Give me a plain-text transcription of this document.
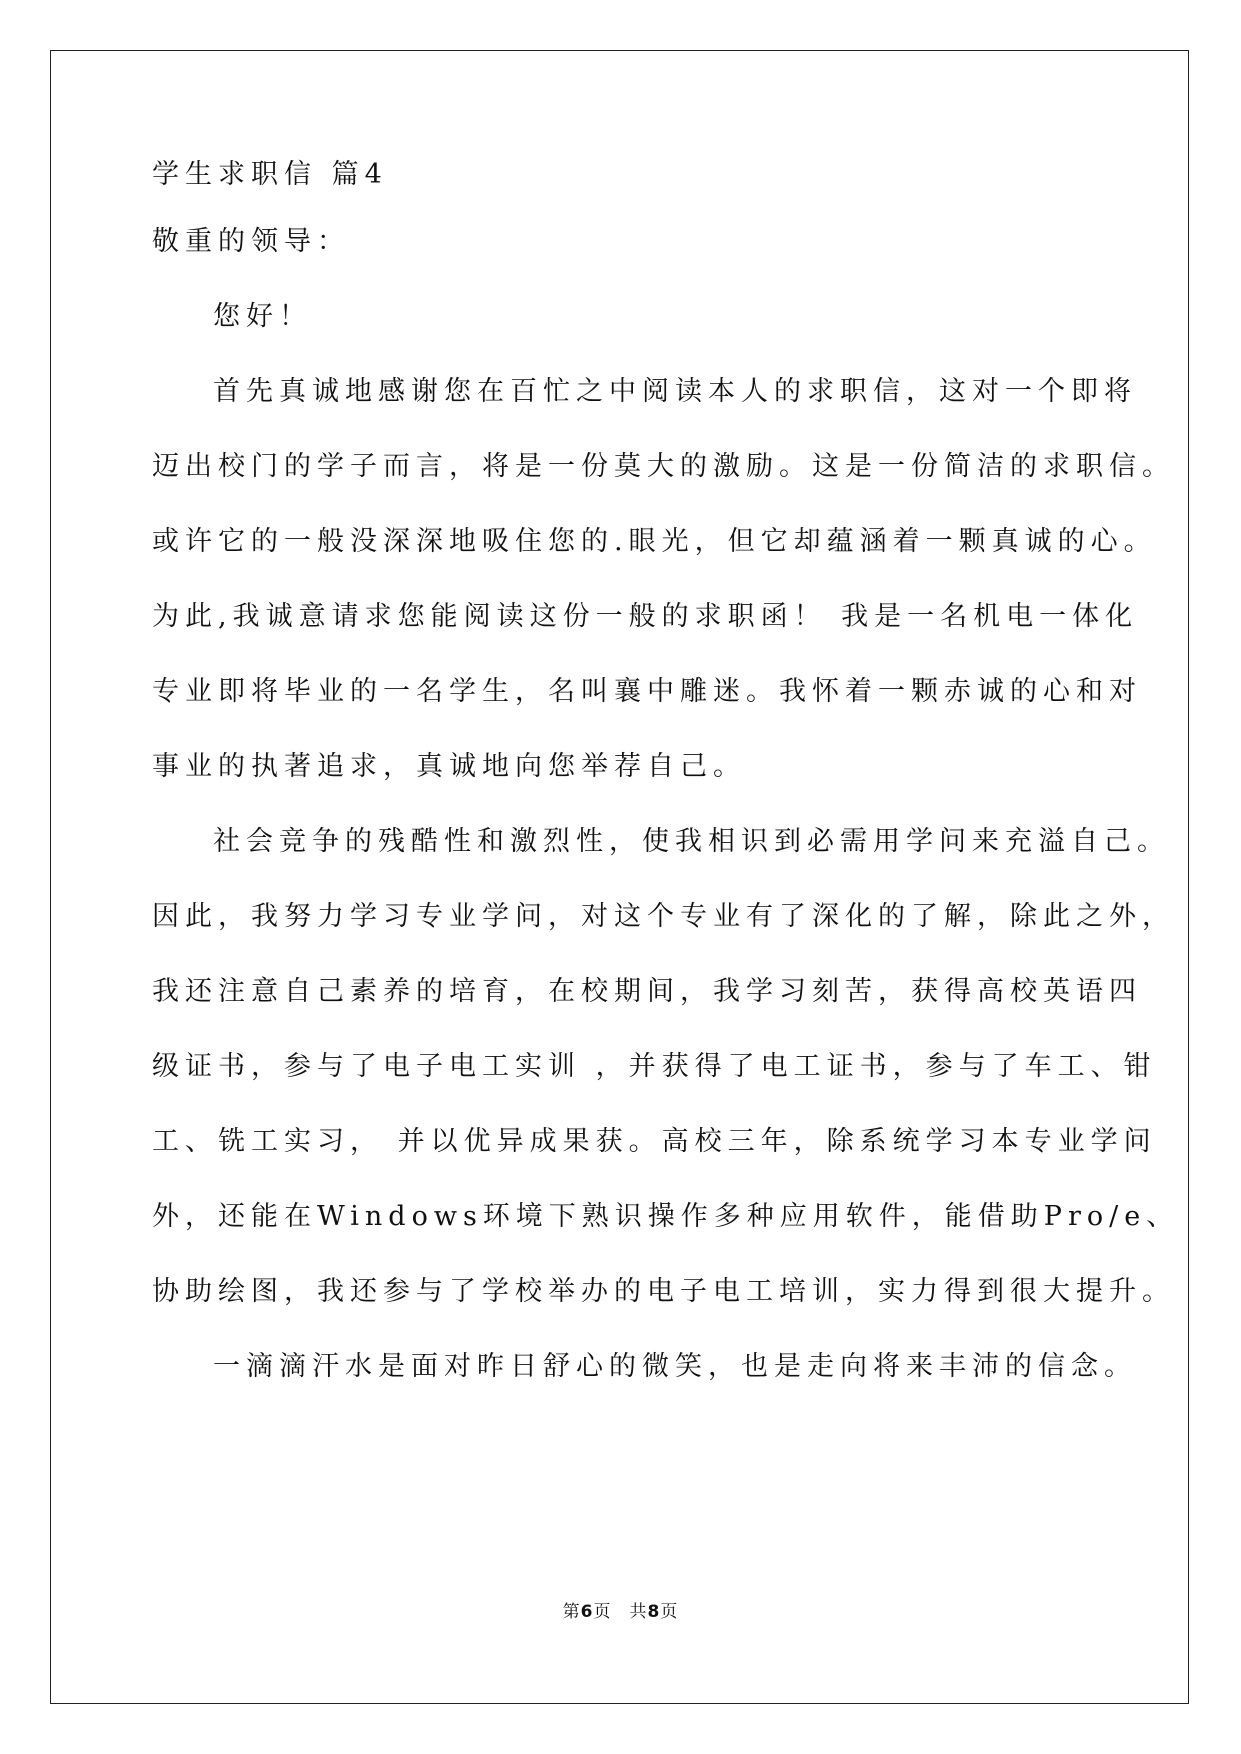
学生求职信 篇4
敬重的领导：
您好！
首先真诚地感谢您在百忙之中阅读本人的求职信，这对一个即将
迈出校门的学子而言，将是一份莫大的激励。这是一份简洁的求职信。
或许它的一般没深深地吸住您的.眼光，但它却蕴涵着一颗真诚的心。
为此,我诚意请求您能阅读这份一般的求职函！ 我是一名机电一体化
专业即将毕业的一名学生，名叫襄中雕迷。我怀着一颗赤诚的心和对
事业的执著追求，真诚地向您举荐自己。
社会竞争的残酷性和激烈性，使我相识到必需用学问来充溢自己。
因此，我努力学习专业学问，对这个专业有了深化的了解，除此之外，
我还注意自己素养的培育，在校期间，我学习刻苦，获得高校英语四
级证书，参与了电子电工实训 ，并获得了电工证书，参与了车工、钳
工、铣工实习， 并以优异成果获。高校三年，除系统学习本专业学问
外，还能在Windows环境下熟识操作多种应用软件，能借助Pro/e、
协助绘图，我还参与了学校举办的电子电工培训，实力得到很大提升。
一滴滴汗水是面对昨日舒心的微笑，也是走向将来丰沛的信念。
第6页　共8页
